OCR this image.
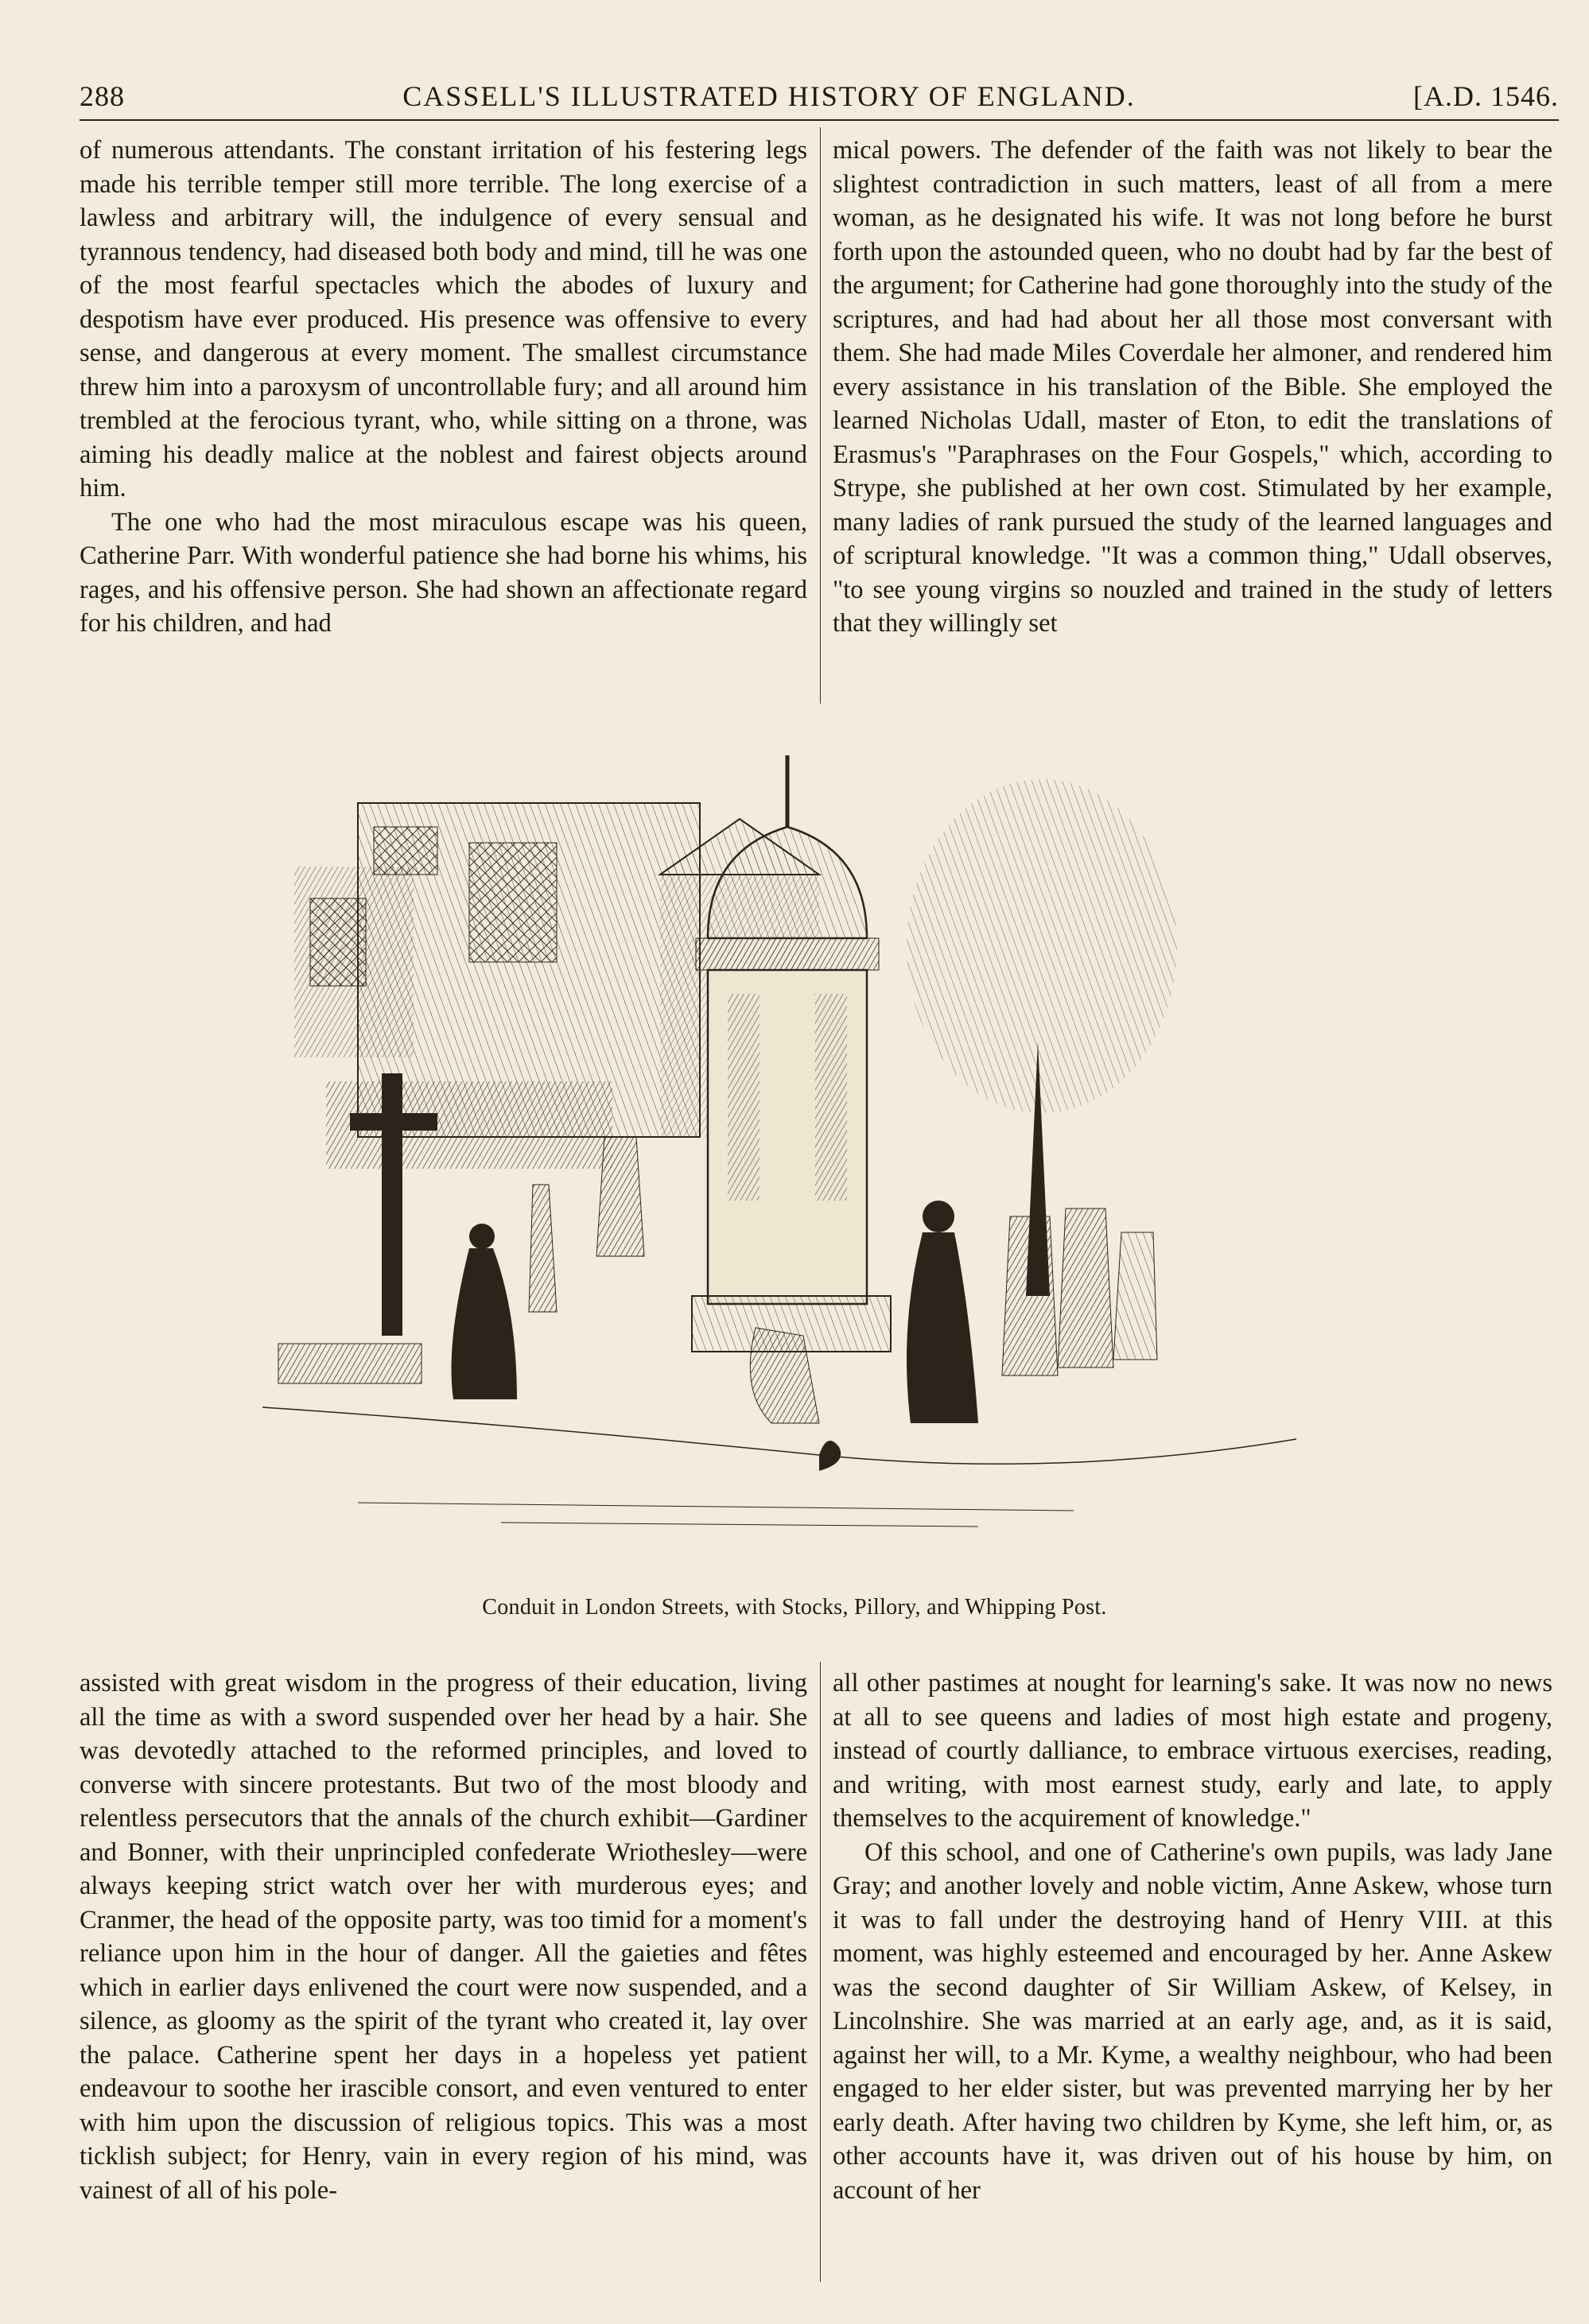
288	CASSELL'S ILLUSTRATED HISTORY OF ENGLAND.	[A.D. 1546.

of numerous attendants. The constant irritation of his festering legs made his terrible temper still more terrible. The long exercise of a lawless and arbitrary will, the indulgence of every sensual and tyrannous tendency, had diseased both body and mind, till he was one of the most fearful spectacles which the abodes of luxury and despotism have ever produced. His presence was offensive to every sense, and dangerous at every moment. The smallest circumstance threw him into a paroxysm of uncontrollable fury; and all around him trembled at the ferocious tyrant, who, while sitting on a throne, was aiming his deadly malice at the noblest and fairest objects around him.

The one who had the most miraculous escape was his queen, Catherine Parr. With wonderful patience she had borne his whims, his rages, and his offensive person. She had shown an affectionate regard for his children, and had

mical powers. The defender of the faith was not likely to bear the slightest contradiction in such matters, least of all from a mere woman, as he designated his wife. It was not long before he burst forth upon the astounded queen, who no doubt had by far the best of the argument; for Catherine had gone thoroughly into the study of the scriptures, and had had about her all those most conversant with them. She had made Miles Coverdale her almoner, and rendered him every assistance in his translation of the Bible. She employed the learned Nicholas Udall, master of Eton, to edit the translations of Erasmus's "Paraphrases on the Four Gospels," which, according to Strype, she published at her own cost. Stimulated by her example, many ladies of rank pursued the study of the learned languages and of scriptural knowledge. "It was a common thing," Udall observes, "to see young virgins so nouzled and trained in the study of letters that they willingly set

Conduit in London Streets, with Stocks, Pillory, and Whipping Post.

assisted with great wisdom in the progress of their education, living all the time as with a sword suspended over her head by a hair. She was devotedly attached to the reformed principles, and loved to converse with sincere protestants. But two of the most bloody and relentless persecutors that the annals of the church exhibit—Gardiner and Bonner, with their unprincipled confederate Wriothesley—were always keeping strict watch over her with murderous eyes; and Cranmer, the head of the opposite party, was too timid for a moment's reliance upon him in the hour of danger. All the gaieties and fêtes which in earlier days enlivened the court were now suspended, and a silence, as gloomy as the spirit of the tyrant who created it, lay over the palace. Catherine spent her days in a hopeless yet patient endeavour to soothe her irascible consort, and even ventured to enter with him upon the discussion of religious topics. This was a most ticklish subject; for Henry, vain in every region of his mind, was vainest of all of his pole-

all other pastimes at nought for learning's sake. It was now no news at all to see queens and ladies of most high estate and progeny, instead of courtly dalliance, to embrace virtuous exercises, reading, and writing, with most earnest study, early and late, to apply themselves to the acquirement of knowledge."

Of this school, and one of Catherine's own pupils, was lady Jane Gray; and another lovely and noble victim, Anne Askew, whose turn it was to fall under the destroying hand of Henry VIII. at this moment, was highly esteemed and encouraged by her. Anne Askew was the second daughter of Sir William Askew, of Kelsey, in Lincolnshire. She was married at an early age, and, as it is said, against her will, to a Mr. Kyme, a wealthy neighbour, who had been engaged to her elder sister, but was prevented marrying her by her early death. After having two children by Kyme, she left him, or, as other accounts have it, was driven out of his house by him, on account of her
